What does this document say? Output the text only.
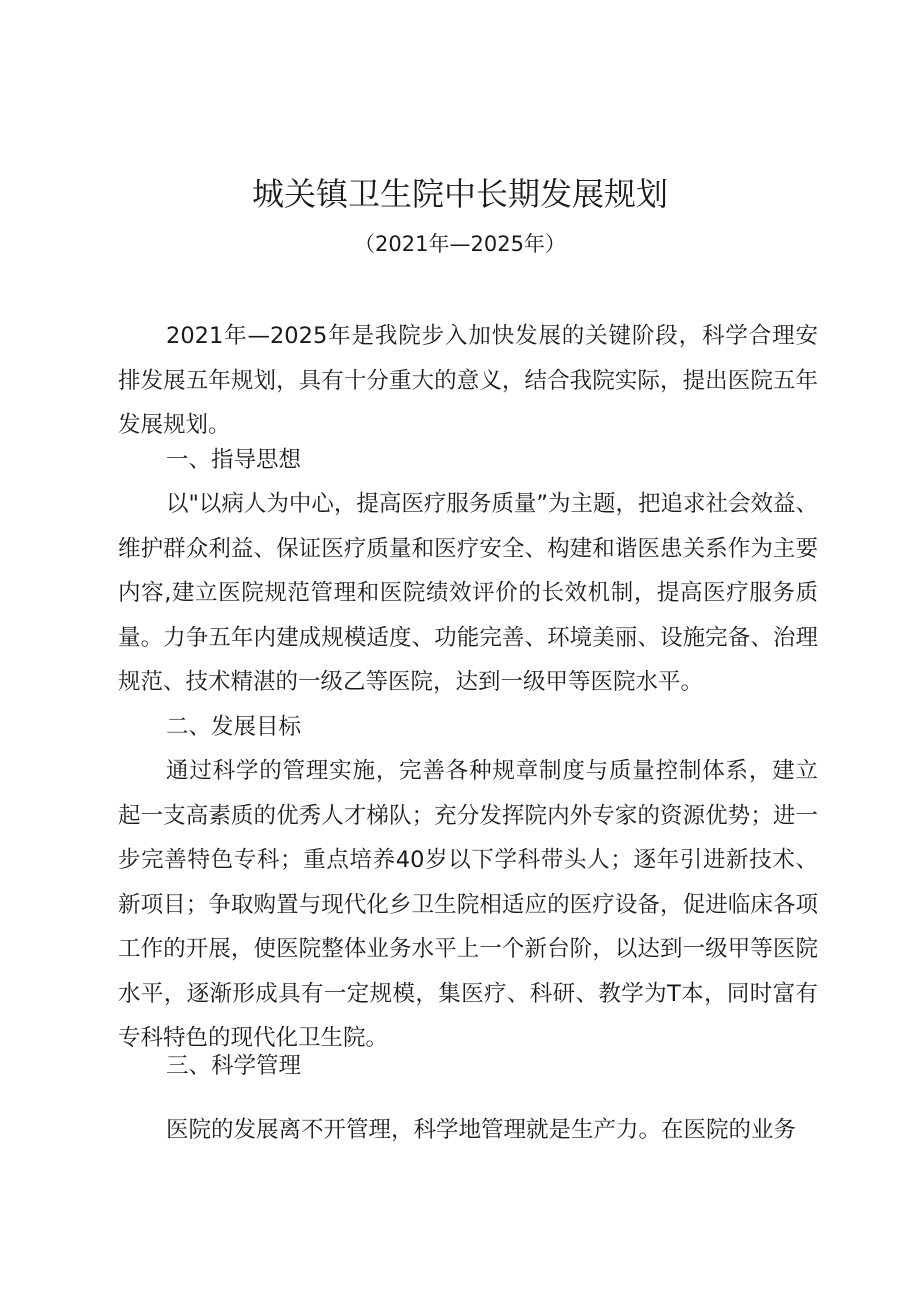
城关镇卫生院中长期发展规划

（2021年—2025年）

2021年—2025年是我院步入加快发展的关键阶段，科学合理安排发展五年规划，具有十分重大的意义，结合我院实际，提出医院五年发展规划。

一、指导思想

以"以病人为中心，提高医疗服务质量”为主题，把追求社会效益、维护群众利益、保证医疗质量和医疗安全、构建和谐医患关系作为主要内容,建立医院规范管理和医院绩效评价的长效机制，提高医疗服务质量。力争五年内建成规模适度、功能完善、环境美丽、设施完备、治理规范、技术精湛的一级乙等医院，达到一级甲等医院水平。

二、发展目标

通过科学的管理实施，完善各种规章制度与质量控制体系，建立起一支高素质的优秀人才梯队；充分发挥院内外专家的资源优势；进一步完善特色专科；重点培养40岁以下学科带头人；逐年引进新技术、新项目；争取购置与现代化乡卫生院相适应的医疗设备，促进临床各项工作的开展，使医院整体业务水平上一个新台阶，以达到一级甲等医院水平，逐渐形成具有一定规模，集医疗、科研、教学为T本，同时富有专科特色的现代化卫生院。

三、科学管理

医院的发展离不开管理，科学地管理就是生产力。在医院的业务
